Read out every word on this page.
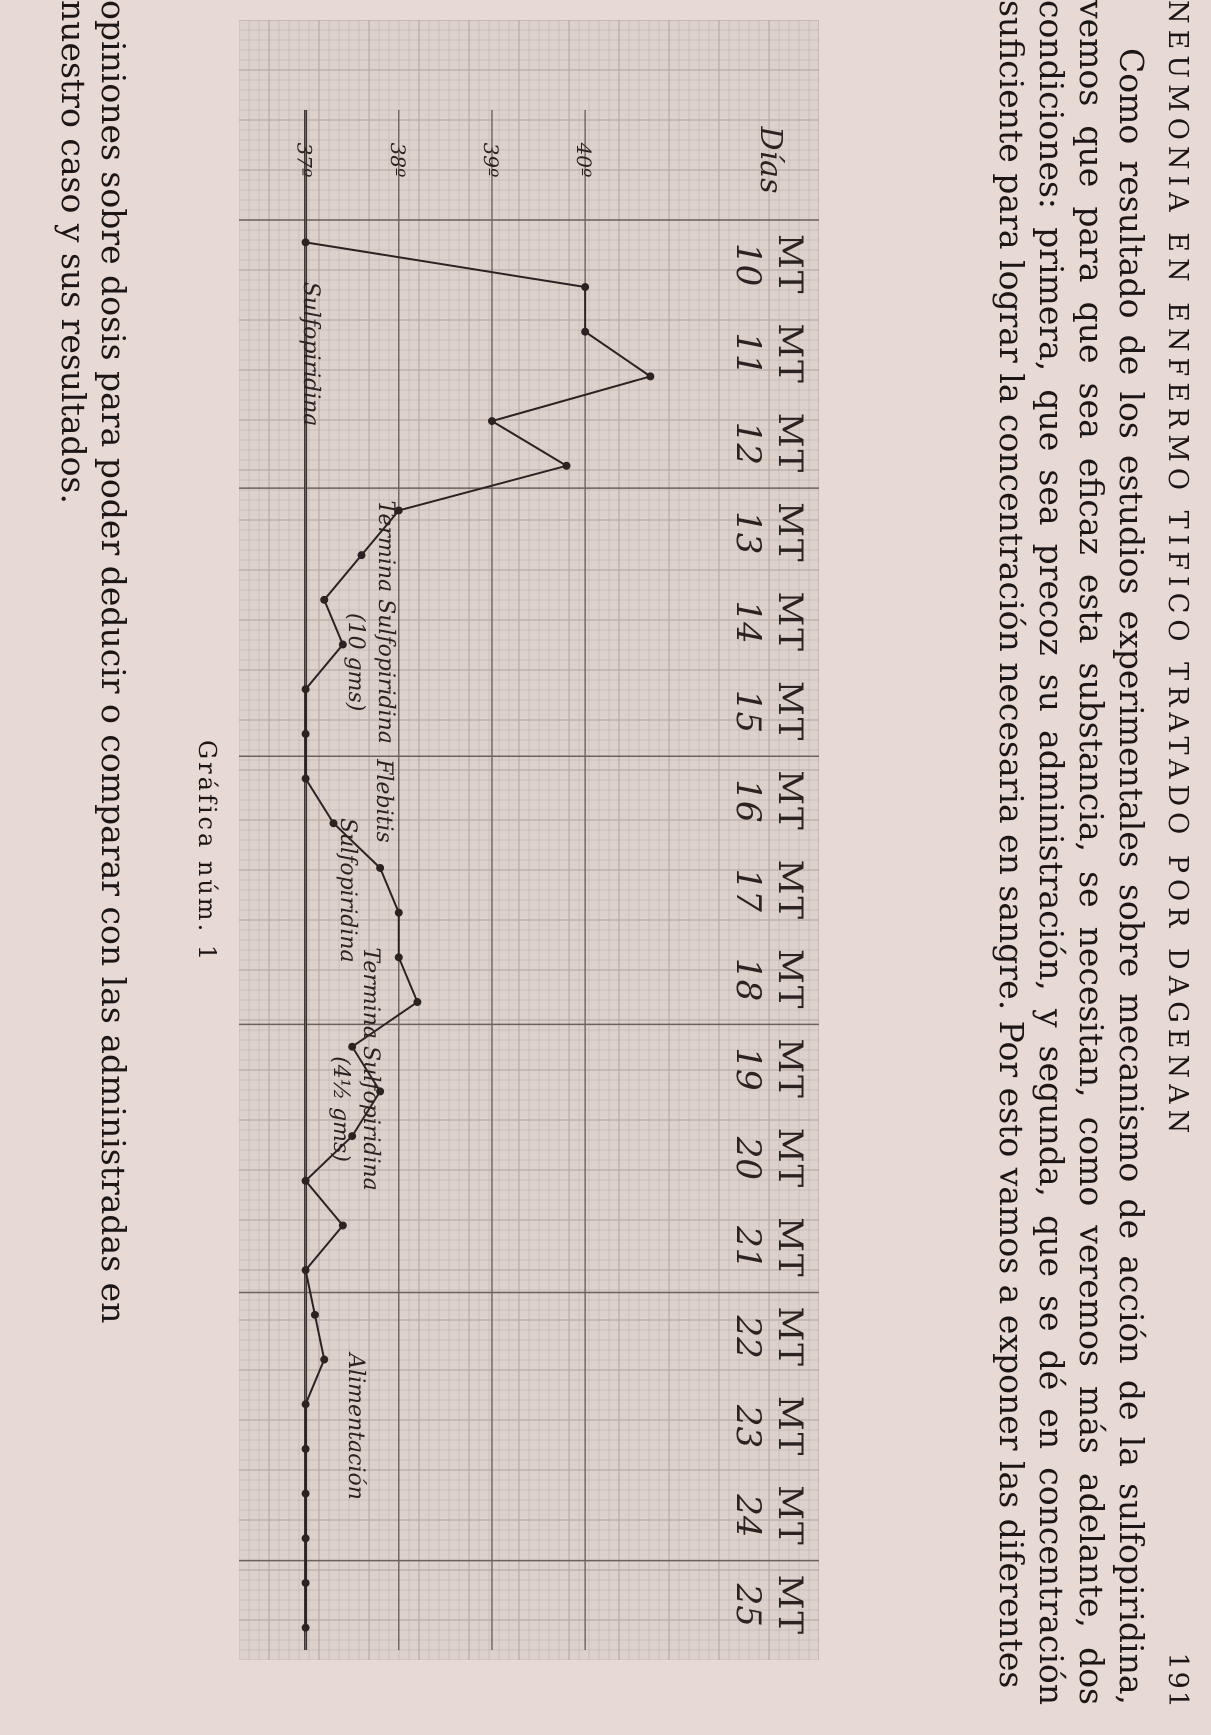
NEUMONIA EN ENFERMO TIFICO TRATADO POR DAGENAN
191

Como resultado de los estudios experimentales sobre mecanismo de acción de la sulfopiridina, vemos que para que sea eficaz esta substancia, se necesitan, como veremos más adelante, dos condiciones: primera, que sea precoz su administración, y segunda, que se dé en concentración suficiente para lograr la concentración necesaria en sangre. Por esto vamos a exponer las diferentes

40º
39º
38º
37º	Días
MT
10
MT
11
MT
12
MT
13
MT
14
MT
15
MT
16
MT
17
MT
18
MT
19
MT
20
MT
21
MT
22
MT
23
MT
24
MT
25
Sulfopiridina
Termina Sulfopiridina
(10 gms)
Flebitis
Sulfopiridina
Termina Sulfopiridina
(4½ gms)
Alimentación
Gráfica núm. 1

opiniones sobre dosis para poder deducir o comparar con las administradas en

nuestro caso y sus resultados.
